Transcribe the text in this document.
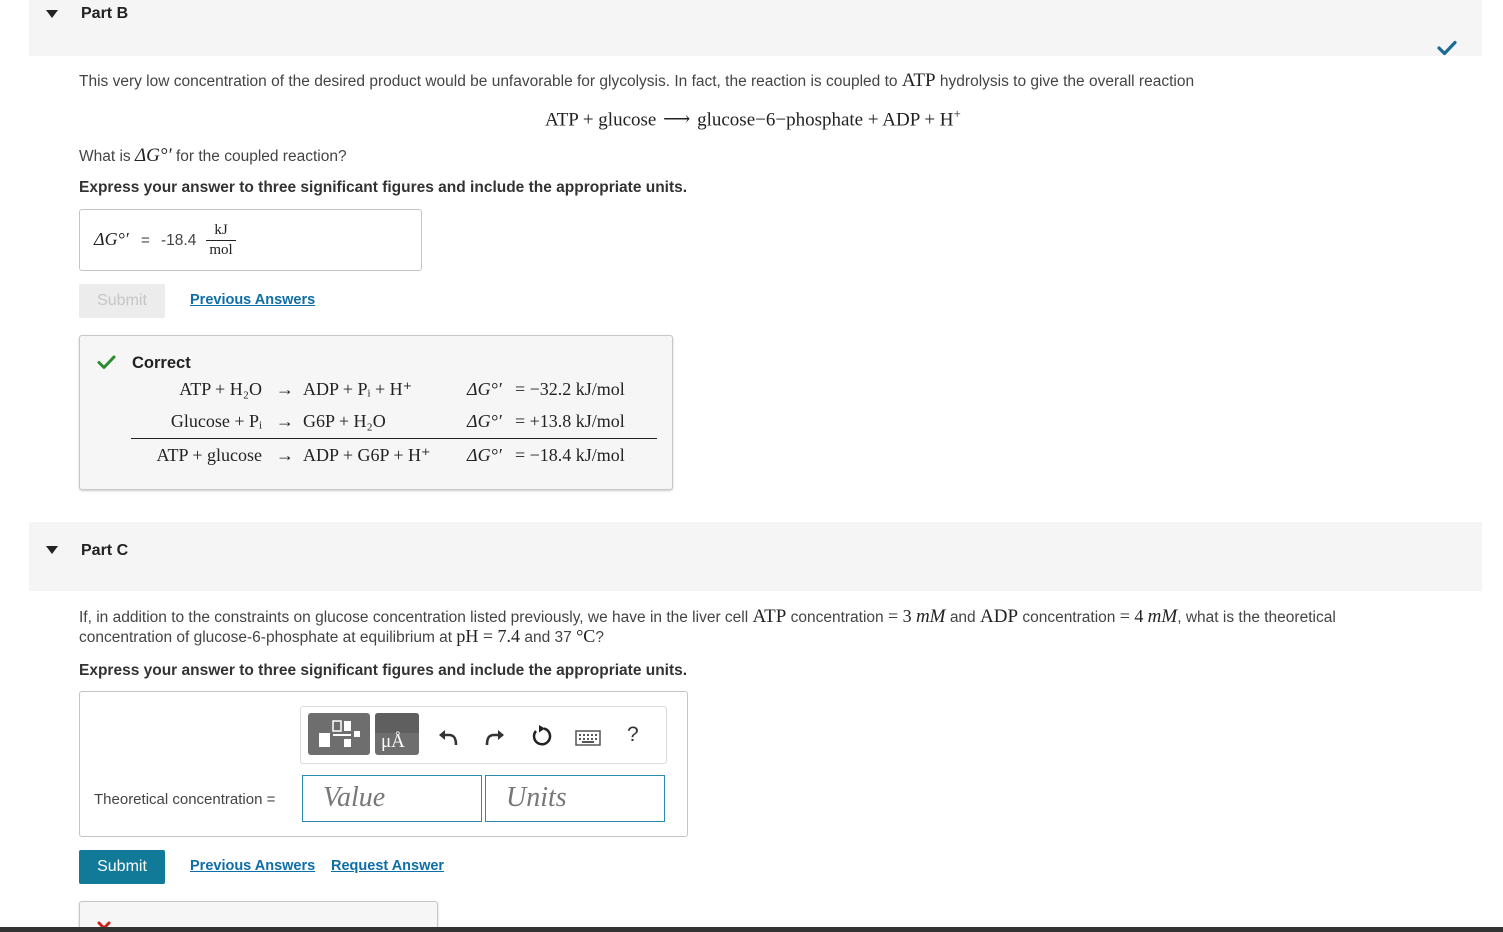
Part B
This very low concentration of the desired product would be unfavorable for glycolysis. In fact, the reaction is coupled to ATP hydrolysis to give the overall reaction
ATP + glucose ⟶ glucose−6−phosphate + ADP + H+
What is ΔG°′ for the coupled reaction?
Express your answer to three significant figures and include the appropriate units.
ΔG°′ = -18.4
kJ
mol
Submit	Previous Answers
Correct
ATP + H₂O → ADP + Pᵢ + H⁺	ΔG°′ = −32.2 kJ/mol
Glucose + Pᵢ → G6P + H₂O	ΔG°′ = +13.8 kJ/mol
ATP + glucose → ADP + G6P + H⁺ ΔG°′ = −18.4 kJ/mol
Part C
If, in addition to the constraints on glucose concentration listed previously, we have in the liver cell ATP concentration = 3 mM and ADP concentration = 4 mM, what is the theoretical
concentration of glucose-6-phosphate at equilibrium at pH = 7.4 and 37 °C?
Express your answer to three significant figures and include the appropriate units.
μÅ	?
Theoretical concentration = Value	Units
Submit	Previous Answers Request Answer
